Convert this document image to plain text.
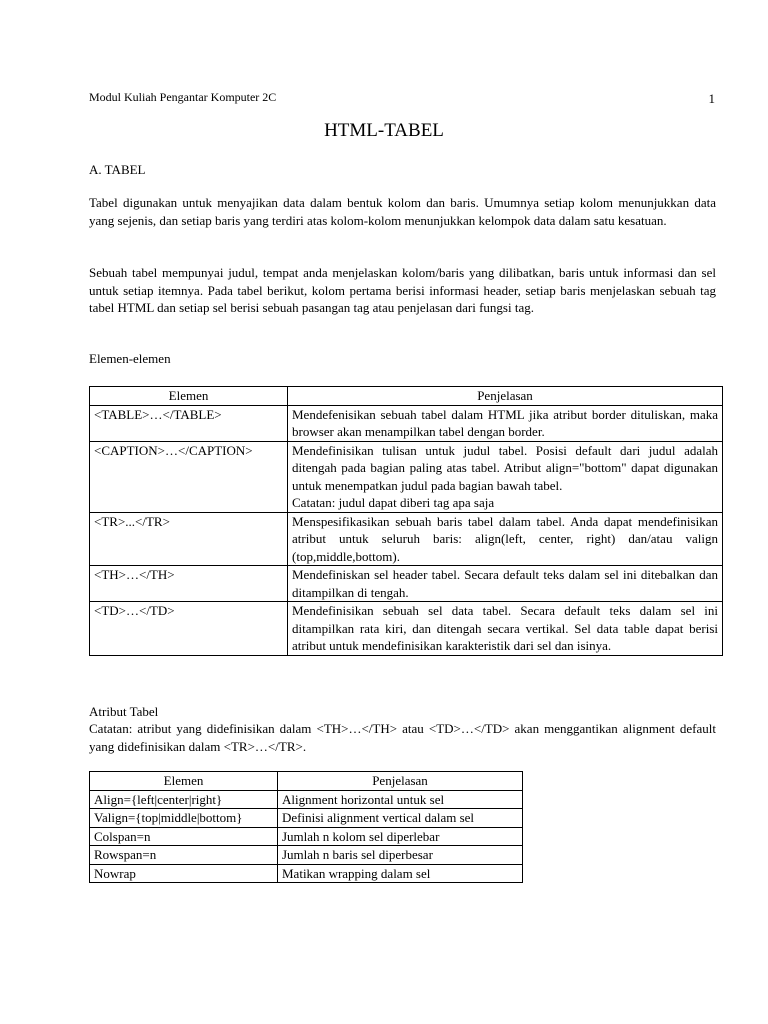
Modul Kuliah Pengantar Komputer 2C	1
HTML-TABEL
A. TABEL

Tabel digunakan untuk menyajikan data dalam bentuk kolom dan baris. Umumnya setiap kolom menunjukkan data yang sejenis, dan setiap baris yang terdiri atas kolom-kolom menunjukkan kelompok data dalam satu kesatuan.

Sebuah tabel mempunyai judul, tempat anda menjelaskan kolom/baris yang dilibatkan, baris untuk informasi dan sel untuk setiap itemnya. Pada tabel berikut, kolom pertama berisi informasi header, setiap baris menjelaskan sebuah tag tabel HTML dan setiap sel berisi sebuah pasangan tag atau penjelasan dari fungsi tag.

Elemen-elemen
Elemen	Penjelasan
<TABLE>…</TABLE>	Mendefenisikan sebuah tabel dalam HTML jika atribut border dituliskan, maka browser akan menampilkan tabel dengan border.
<CAPTION>…</CAPTION>	Mendefinisikan tulisan untuk judul tabel. Posisi default dari judul adalah ditengah pada bagian paling atas tabel. Atribut align="bottom" dapat digunakan untuk menempatkan judul pada bagian bawah tabel.
Catatan: judul dapat diberi tag apa saja

<TR>...</TR>	Menspesifikasikan sebuah baris tabel dalam tabel. Anda dapat mendefinisikan atribut untuk seluruh baris: align(left, center, right) dan/atau valign (top,middle,bottom).
<TH>…</TH>	Mendefiniskan sel header tabel. Secara default teks dalam sel ini ditebalkan dan ditampilkan di tengah.
<TD>…</TD>	Mendefinisikan sebuah sel data tabel. Secara default teks dalam sel ini ditampilkan rata kiri, dan ditengah secara vertikal. Sel data table dapat berisi atribut untuk mendefinisikan karakteristik dari sel dan isinya.
Atribut Tabel

Catatan: atribut yang didefinisikan dalam <TH>…</TH> atau <TD>…</TD> akan menggantikan alignment default yang didefinisikan dalam <TR>…</TR>.

Elemen	Penjelasan
Align={left|center|right}	Alignment horizontal untuk sel
Valign={top|middle|bottom}	Definisi alignment vertical dalam sel
Colspan=n	Jumlah n kolom sel diperlebar
Rowspan=n	Jumlah n baris sel diperbesar
Nowrap	Matikan wrapping dalam sel
